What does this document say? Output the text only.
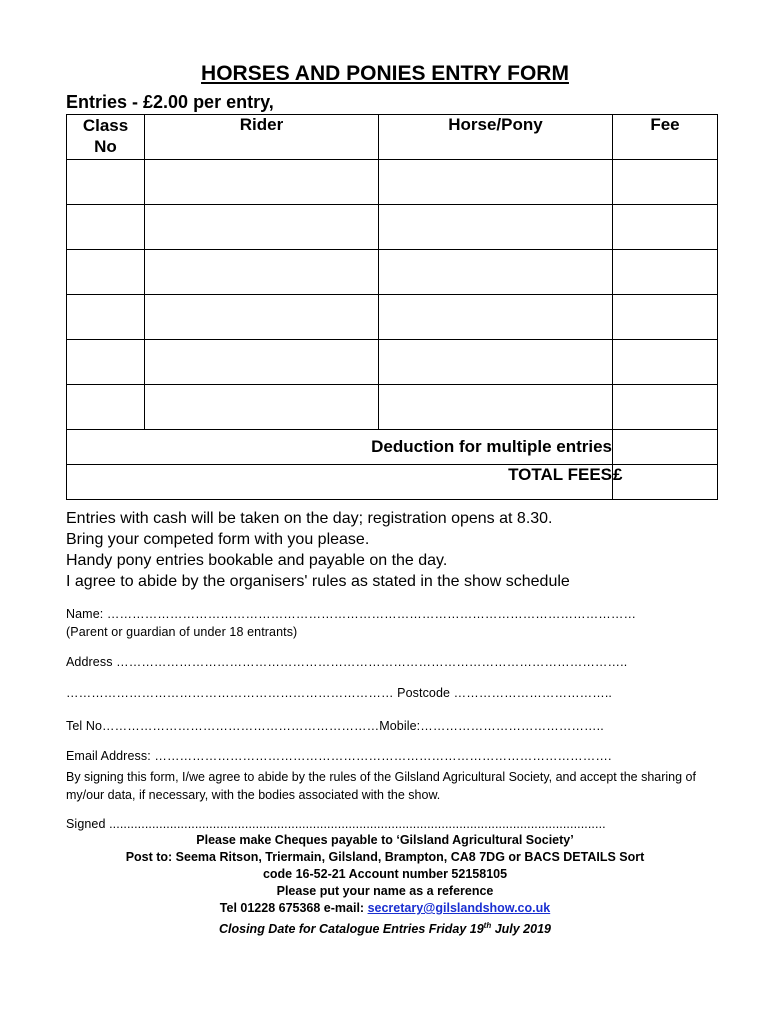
HORSES AND PONIES ENTRY FORM
Entries - £2.00 per entry,
Class
No	Rider	Horse/Pony	Fee

Deduction for multiple entries			
TOTAL FEES			£
Entries with cash will be taken on the day; registration opens at 8.30.
Bring your competed form with you please.
Handy pony entries bookable and payable on the day.
I agree to abide by the organisers' rules as stated in the show schedule
Name: ………………………………………………………………………………………………………………
(Parent or guardian of under 18 entrants)
Address …………………………………………………………………………………………………………..
…………………………………………………………………… Postcode ………………………………..
Tel No…………………………………………………………Mobile:……………………………………..
Email Address: ……………………………………………………………………………………………….
By signing this form, I/we agree to abide by the rules of the Gilsland Agricultural Society, and accept the sharing of my/our data, if necessary, with the bodies associated with the show.
Signed ...........................................................................................................................................
Please make Cheques payable to ‘Gilsland Agricultural Society’
Post to: Seema Ritson, Triermain, Gilsland, Brampton, CA8 7DG or BACS DETAILS Sort
code 16-52-21 Account number 52158105
Please put your name as a reference
Tel 01228 675368 e-mail: secretary@gilslandshow.co.uk
Closing Date for Catalogue Entries Friday 19th July 2019
